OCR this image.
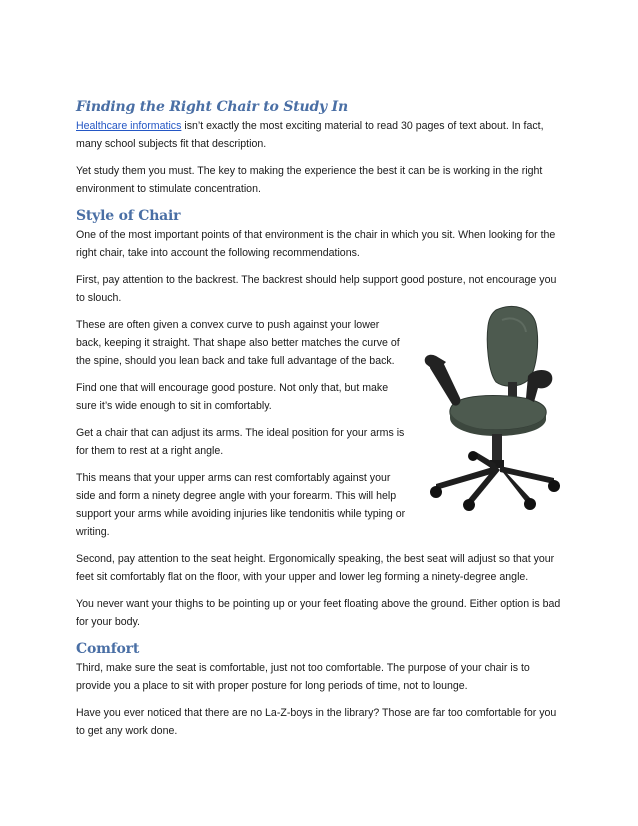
Finding the Right Chair to Study In

Healthcare informatics isn’t exactly the most exciting material to read 30 pages of text about. In fact, many school subjects fit that description.

Yet study them you must. The key to making the experience the best it can be is working in the right environment to stimulate concentration.

Style of Chair

One of the most important points of that environment is the chair in which you sit. When looking for the right chair, take into account the following recommendations.

First, pay attention to the backrest. The backrest should help support good posture, not encourage you to slouch.

These are often given a convex curve to push against your lower back, keeping it straight. That shape also better matches the curve of the spine, should you lean back and take full advantage of the back.

Find one that will encourage good posture. Not only that, but make sure it’s wide enough to sit in comfortably.

Get a chair that can adjust its arms. The ideal position for your arms is for them to rest at a right angle.

This means that your upper arms can rest comfortably against your side and form a ninety degree angle with your forearm. This will help support your arms while avoiding injuries like tendonitis while typing or writing.

Second, pay attention to the seat height. Ergonomically speaking, the best seat will adjust so that your feet sit comfortably flat on the floor, with your upper and lower leg forming a ninety-degree angle.

You never want your thighs to be pointing up or your feet floating above the ground. Either option is bad for your body.

Comfort

Third, make sure the seat is comfortable, just not too comfortable. The purpose of your chair is to provide you a place to sit with proper posture for long periods of time, not to lounge.

Have you ever noticed that there are no La-Z-boys in the library? Those are far too comfortable for you to get any work done.
